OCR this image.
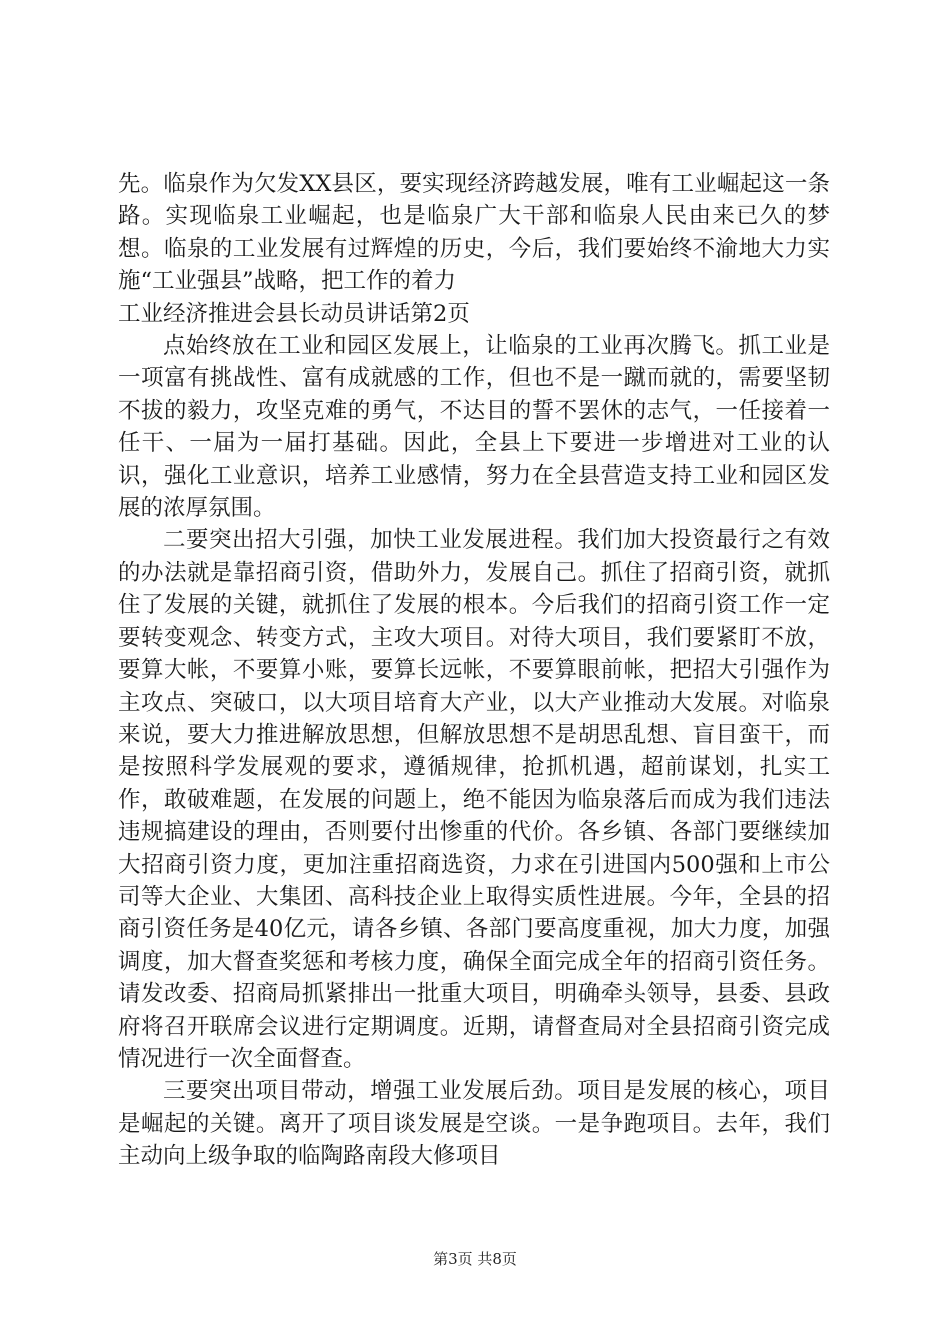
先。临泉作为欠发XX县区，要实现经济跨越发展，唯有工业崛起这一条路。实现临泉工业崛起，也是临泉广大干部和临泉人民由来已久的梦想。临泉的工业发展有过辉煌的历史，今后，我们要始终不渝地大力实施“工业强县”战略，把工作的着力

工业经济推进会县长动员讲话第2页

点始终放在工业和园区发展上，让临泉的工业再次腾飞。抓工业是一项富有挑战性、富有成就感的工作，但也不是一蹴而就的，需要坚韧不拔的毅力，攻坚克难的勇气，不达目的誓不罢休的志气，一任接着一任干、一届为一届打基础。因此，全县上下要进一步增进对工业的认识，强化工业意识，培养工业感情，努力在全县营造支持工业和园区发展的浓厚氛围。

二要突出招大引强，加快工业发展进程。我们加大投资最行之有效的办法就是靠招商引资，借助外力，发展自己。抓住了招商引资，就抓住了发展的关键，就抓住了发展的根本。今后我们的招商引资工作一定要转变观念、转变方式，主攻大项目。对待大项目，我们要紧盯不放，要算大帐，不要算小账，要算长远帐，不要算眼前帐，把招大引强作为主攻点、突破口，以大项目培育大产业，以大产业推动大发展。对临泉来说，要大力推进解放思想，但解放思想不是胡思乱想、盲目蛮干，而是按照科学发展观的要求，遵循规律，抢抓机遇，超前谋划，扎实工作，敢破难题，在发展的问题上，绝不能因为临泉落后而成为我们违法违规搞建设的理由，否则要付出惨重的代价。各乡镇、各部门要继续加大招商引资力度，更加注重招商选资，力求在引进国内500强和上市公司等大企业、大集团、高科技企业上取得实质性进展。今年，全县的招商引资任务是40亿元，请各乡镇、各部门要高度重视，加大力度，加强调度，加大督查奖惩和考核力度，确保全面完成全年的招商引资任务。请发改委、招商局抓紧排出一批重大项目，明确牵头领导，县委、县政府将召开联席会议进行定期调度。近期，请督查局对全县招商引资完成情况进行一次全面督查。

三要突出项目带动，增强工业发展后劲。项目是发展的核心，项目是崛起的关键。离开了项目谈发展是空谈。一是争跑项目。去年，我们主动向上级争取的临陶路南段大修项目

第3页 共8页
